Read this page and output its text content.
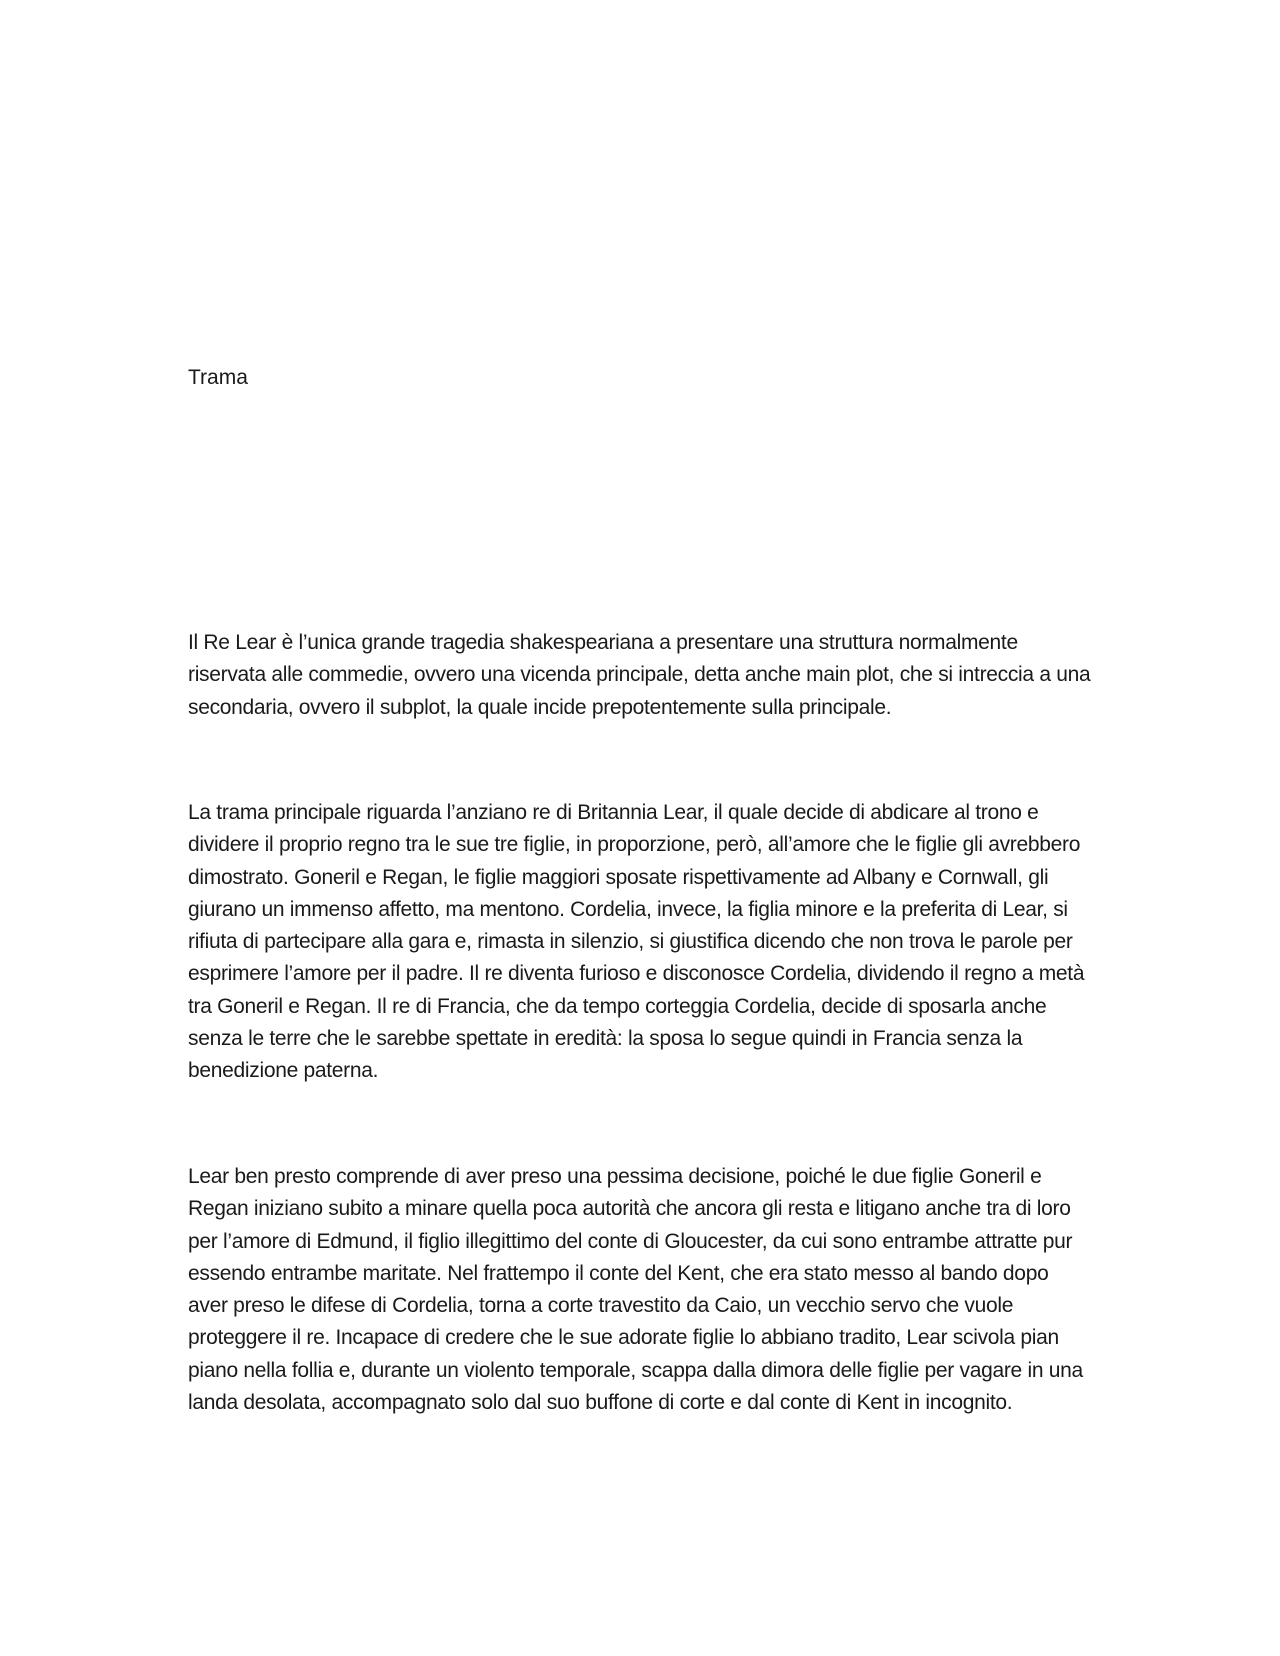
Trama

Il Re Lear è l’unica grande tragedia shakespeariana a presentare una struttura normalmente riservata alle commedie, ovvero una vicenda principale, detta anche main plot, che si intreccia a una secondaria, ovvero il subplot, la quale incide prepotentemente sulla principale.

La trama principale riguarda l’anziano re di Britannia Lear, il quale decide di abdicare al trono e dividere il proprio regno tra le sue tre figlie, in proporzione, però, all’amore che le figlie gli avrebbero dimostrato. Goneril e Regan, le figlie maggiori sposate rispettivamente ad Albany e Cornwall, gli giurano un immenso affetto, ma mentono. Cordelia, invece, la figlia minore e la preferita di Lear, si rifiuta di partecipare alla gara e, rimasta in silenzio, si giustifica dicendo che non trova le parole per esprimere l’amore per il padre. Il re diventa furioso e disconosce Cordelia, dividendo il regno a metà tra Goneril e Regan. Il re di Francia, che da tempo corteggia Cordelia, decide di sposarla anche senza le terre che le sarebbe spettate in eredità: la sposa lo segue quindi in Francia senza la benedizione paterna.

Lear ben presto comprende di aver preso una pessima decisione, poiché le due figlie Goneril e Regan iniziano subito a minare quella poca autorità che ancora gli resta e litigano anche tra di loro per l’amore di Edmund, il figlio illegittimo del conte di Gloucester, da cui sono entrambe attratte pur essendo entrambe maritate. Nel frattempo il conte del Kent, che era stato messo al bando dopo aver preso le difese di Cordelia, torna a corte travestito da Caio, un vecchio servo che vuole proteggere il re. Incapace di credere che le sue adorate figlie lo abbiano tradito, Lear scivola pian piano nella follia e, durante un violento temporale, scappa dalla dimora delle figlie per vagare in una landa desolata, accompagnato solo dal suo buffone di corte e dal conte di Kent in incognito.
